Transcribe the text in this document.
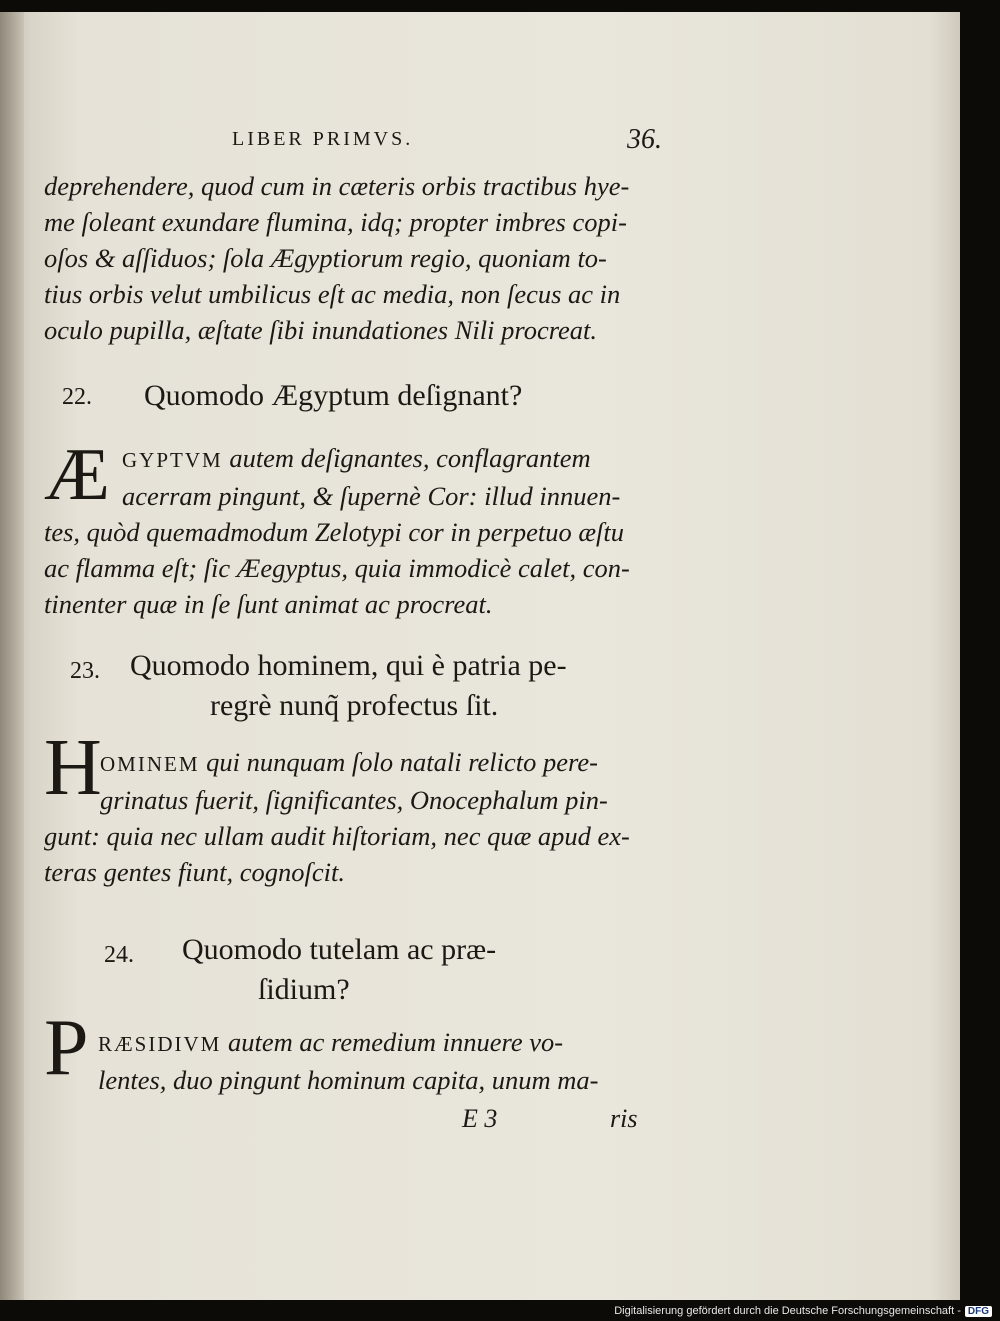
LIBER PRIMVS.	36.
deprehendere, quod cum in cæteris orbis tractibus hye-
me ſoleant exundare flumina, idq; propter imbres copi-
oſos & aſſiduos; ſola Ægyptiorum regio, quoniam to-
tius orbis velut umbilicus eſt ac media, non ſecus ac in
oculo pupilla, æſtate ſibi inundationes Nili procreat.
22. Quomodo Ægyptum deſignant?
Æ GYPTVM autem deſignantes, conflagrantem
acerram pingunt, & ſupernè Cor: illud innuen-
tes, quòd quemadmodum Zelotypi cor in perpetuo æſtu
ac flamma eſt; ſic Æegyptus, quia immodicè calet, con-
tinenter quæ in ſe ſunt animat ac procreat.
23. Quomodo hominem, qui è patria pe-
regrè nunq̃ profectus ſit.
H
OMINEM qui nunquam ſolo natali relicto pere-
grinatus fuerit, ſignificantes, Onocephalum pin-
gunt: quia nec ullam audit hiſtoriam, nec quæ apud ex-
teras gentes fiunt, cognoſcit.
24. Quomodo tutelam ac præ-
ſidium?
P RÆSIDIVM autem ac remedium innuere vo-
lentes, duo pingunt hominum capita, unum ma-
E 3	ris
Digitalisierung gefördert durch die Deutsche Forschungsgemeinschaft - DFG
